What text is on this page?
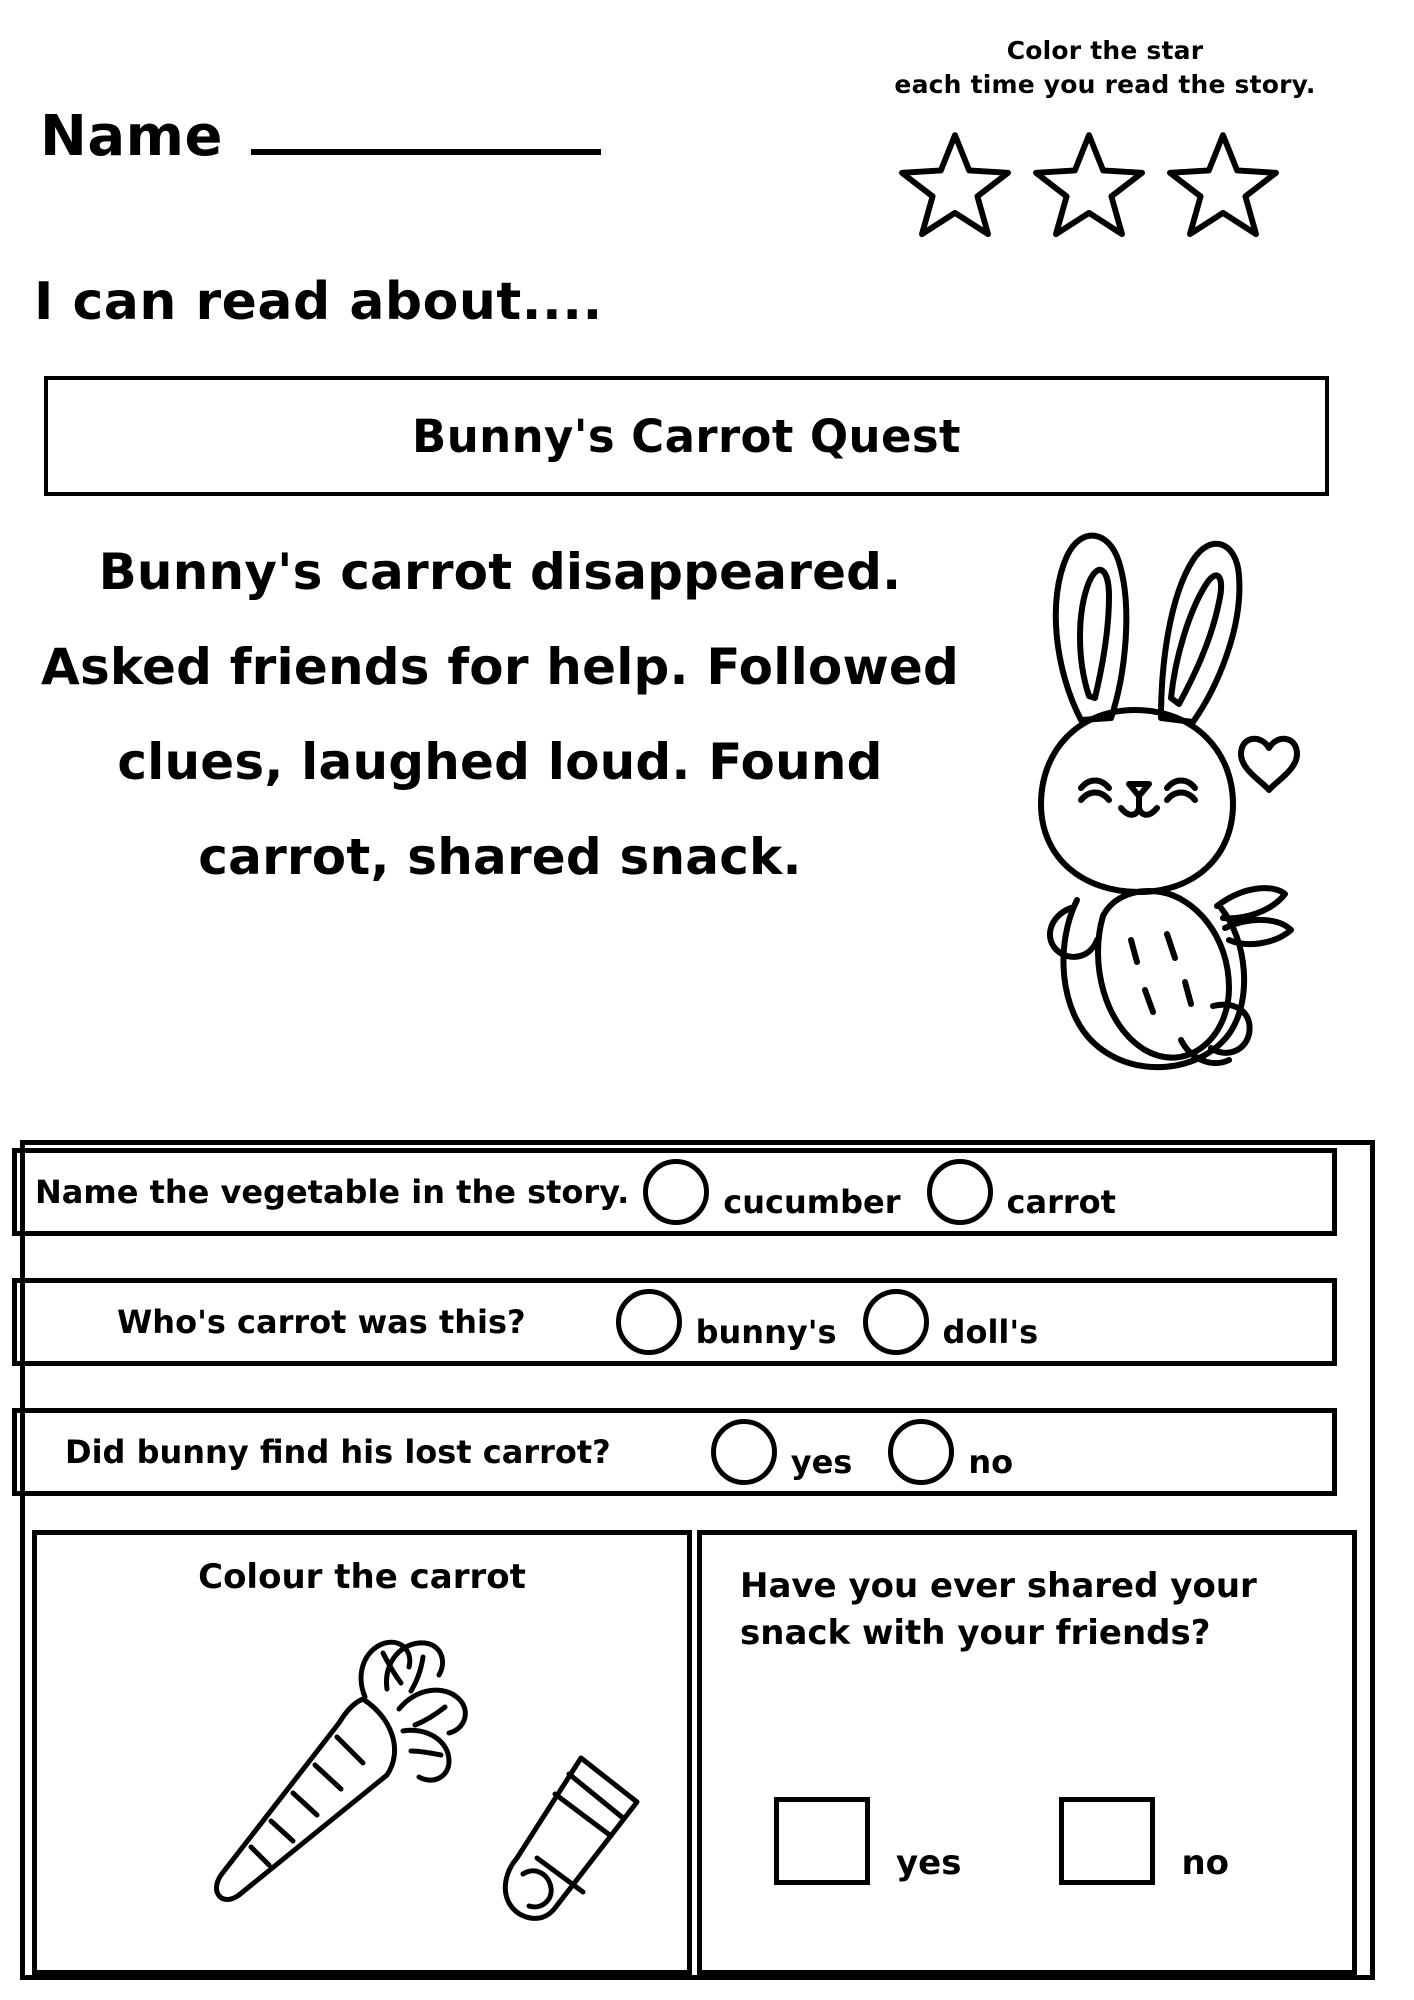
Color the star
each time you read the story.
Name
I can read about....
Bunny's Carrot Quest
Bunny's carrot disappeared. Asked friends for help. Followed clues, laughed loud. Found carrot, shared snack.
Name the vegetable in the story.	cucumber	carrot
Who's carrot was this?	bunny's	doll's
Did bunny find his lost carrot?	yes	no
Colour the carrot	Have you ever shared your snack with your friends?
yes	no
